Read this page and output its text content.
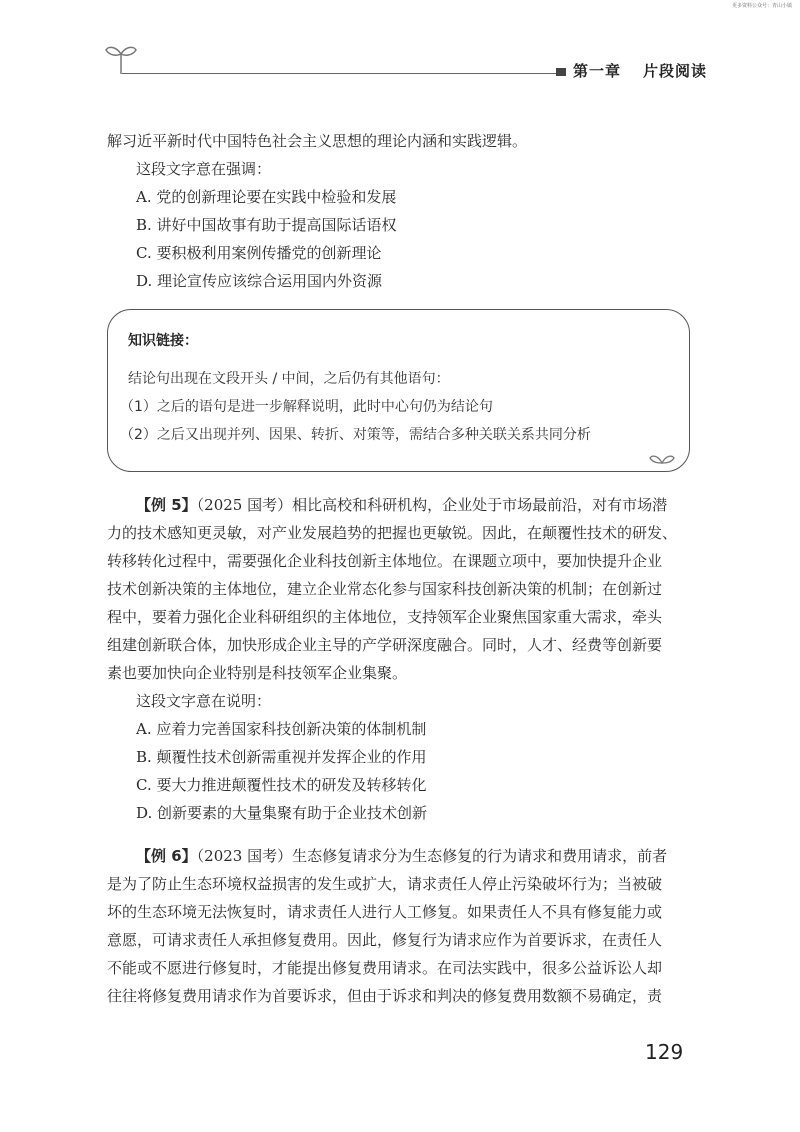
更多资料公众号：青山小镇
第一章 片段阅读
解习近平新时代中国特色社会主义思想的理论内涵和实践逻辑。
这段文字意在强调：
A. 党的创新理论要在实践中检验和发展
B. 讲好中国故事有助于提高国际话语权
C. 要积极利用案例传播党的创新理论
D. 理论宣传应该综合运用国内外资源
知识链接：
结论句出现在文段开头 / 中间，之后仍有其他语句：
（1）之后的语句是进一步解释说明，此时中心句仍为结论句
（2）之后又出现并列、因果、转折、对策等，需结合多种关联关系共同分析
【例 5】（2025 国考）相比高校和科研机构，企业处于市场最前沿，对有市场潜
力的技术感知更灵敏，对产业发展趋势的把握也更敏锐。因此，在颠覆性技术的研发、
转移转化过程中，需要强化企业科技创新主体地位。在课题立项中，要加快提升企业
技术创新决策的主体地位，建立企业常态化参与国家科技创新决策的机制；在创新过
程中，要着力强化企业科研组织的主体地位，支持领军企业聚焦国家重大需求，牵头
组建创新联合体，加快形成企业主导的产学研深度融合。同时，人才、经费等创新要
素也要加快向企业特别是科技领军企业集聚。
这段文字意在说明：
A. 应着力完善国家科技创新决策的体制机制
B. 颠覆性技术创新需重视并发挥企业的作用
C. 要大力推进颠覆性技术的研发及转移转化
D. 创新要素的大量集聚有助于企业技术创新
【例 6】（2023 国考）生态修复请求分为生态修复的行为请求和费用请求，前者
是为了防止生态环境权益损害的发生或扩大，请求责任人停止污染破坏行为；当被破
坏的生态环境无法恢复时，请求责任人进行人工修复。如果责任人不具有修复能力或
意愿，可请求责任人承担修复费用。因此，修复行为请求应作为首要诉求，在责任人
不能或不愿进行修复时，才能提出修复费用请求。在司法实践中，很多公益诉讼人却
往往将修复费用请求作为首要诉求，但由于诉求和判决的修复费用数额不易确定，责
129
